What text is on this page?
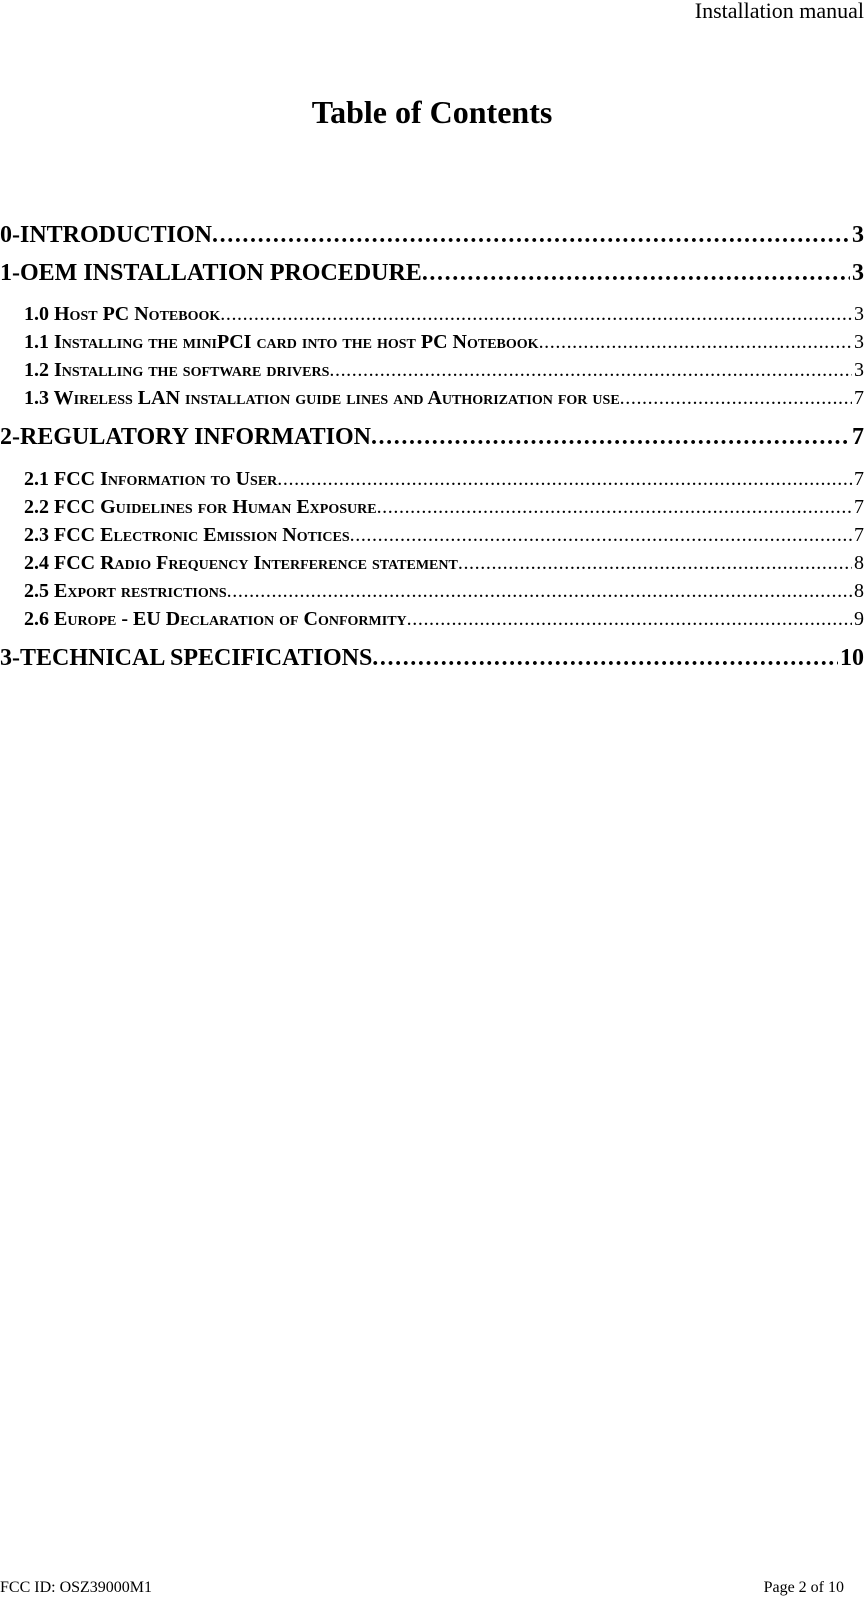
Installation manual
Table of Contents
0-INTRODUCTION . . .	3
1-OEM INSTALLATION PROCEDURE . . .	3
1.0 Host PC Notebook . . .	3
1.1 Installing the miniPCI card into the host PC Notebook . . .	3
1.2 Installing the software drivers . . .	3
1.3 Wireless LAN installation guide lines and Authorization for use . . .	7
2-REGULATORY INFORMATION . . .	7
2.1 FCC Information to User . . .	7
2.2 FCC Guidelines for Human Exposure . . .	7
2.3 FCC Electronic Emission Notices . . .	7
2.4 FCC Radio Frequency Interference statement . . .	8
2.5 Export restrictions . . .	8
2.6 Europe - EU Declaration of Conformity . . .	9
3-TECHNICAL SPECIFICATIONS . . .	10
FCC ID: OSZ39000M1	Page 2 of 10
